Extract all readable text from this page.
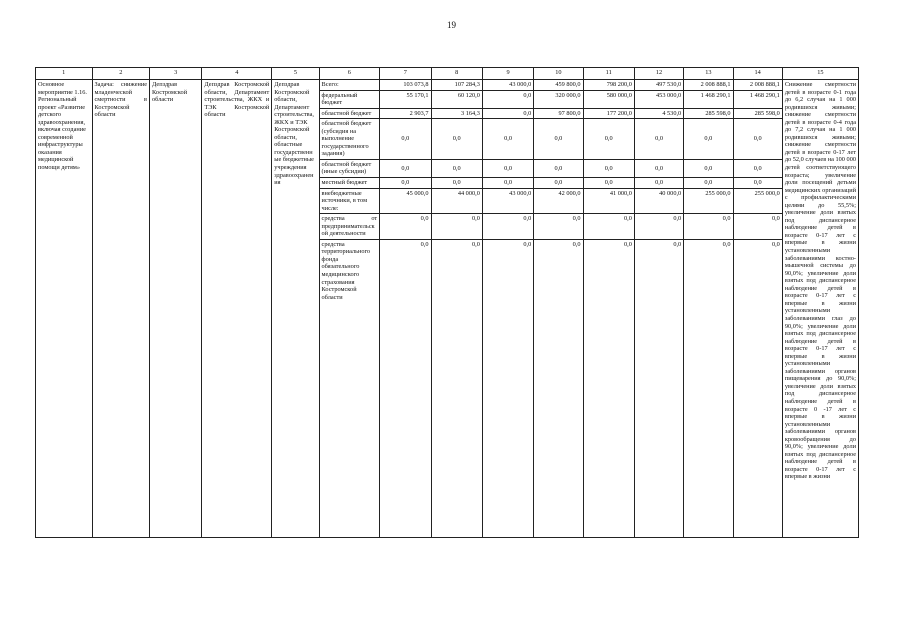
19
1	2	3	4	5	6	7	8	9	10	11	12	13	14	15
Основное мероприятие 1.16. Региональный проект «Развитие детского здравоохранения, включая создание современной инфраструктуры оказания медицинской помощи детям»	Задача: снижение младенческой смертности в Костромской области	Депздрав Костромской области	Депздрав Костромской области, Департамент строительства, ЖКХ и ТЭК Костромской области	Депздрав Костромской области, Департамент строительства, ЖКХ и ТЭК Костромской области, областные государственные бюджетные учреждения здравоохранения	Всего:	103 073,8	107 284,3	43 000,0	459 800,0	798 200,0	497 530,0	2 008 888,1	2 008 888,1	Снижение смертности детей в возрасте 0-1 года до 6,2 случая на 1 000 родившихся живыми; снижение смертности детей в возрасте 0-4 года до 7,2 случая на 1 000 родившихся живыми; снижение смертности детей в возрасте 0-17 лет до 52,0 случаев на 100 000 детей соответствующего возраста; увеличение доли посещений детьми медицинских организаций с профилактическими целями до 55,5%; увеличение доли взятых под диспансерное наблюдение детей в возрасте 0-17 лет с впервые в жизни установленными заболеваниями костно-мышечной системы до 90,0%; увеличение доли взятых под диспансерное наблюдение детей в возрасте 0-17 лет с впервые в жизни установленными заболеваниями глаз до 90,0%; увеличение доли взятых под диспансерное наблюдение детей в возрасте 0-17 лет с впервые в жизни установленными заболеваниями органов пищеварения до 90,0%; увеличение доли взятых под диспансерное наблюдение детей в возрасте 0 -17 лет с впервые в жизни установленными заболеваниями органов кровообращения до 90,0%; увеличение доли взятых под диспансерное наблюдение детей в возрасте 0-17 лет с впервые в жизни
					федеральный бюджет	55 170,1	60 120,0	0,0	320 000,0	580 000,0	453 000,0	1 468 290,1	1 468 290,1	
					областной бюджет	2 903,7	3 164,3	0,0	97 800,0	177 200,0	4 530,0	285 598,0	285 598,0	
					областной бюджет (субсидия на выполнение государственного задания)	0,0	0,0	0,0	0,0	0,0	0,0	0,0	0,0	
					областной бюджет (иные субсидии)	0,0	0,0	0,0	0,0	0,0	0,0	0,0	0,0	
					местный бюджет	0,0	0,0	0,0	0,0	0,0	0,0	0,0	0,0	
					внебюджетные источники, в том числе:	45 000,0	44 000,0	43 000,0	42 000,0	41 000,0	40 000,0	255 000,0	255 000,0	
					средства от предпринимательской деятельности	0,0	0,0	0,0	0,0	0,0	0,0	0,0	0,0	
					средства территориального фонда обязательного медицинского страхования Костромской области	0,0	0,0	0,0	0,0	0,0	0,0	0,0	0,0	
